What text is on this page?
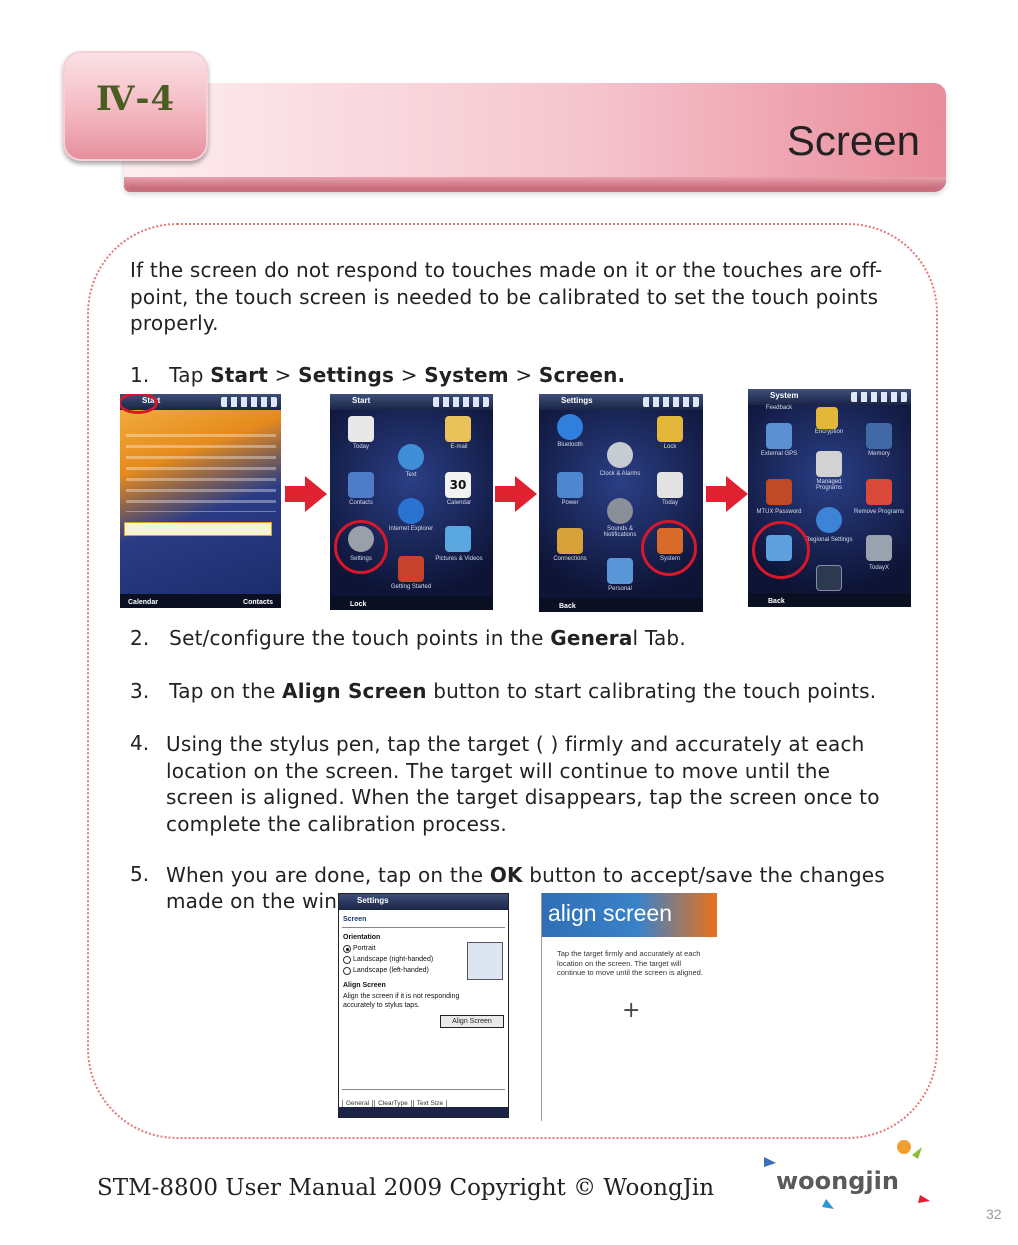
Screen
Ⅳ-4
If the screen do not respond to touches made on it or the touches are off-point, the touch screen is needed to be calibrated to set the touch points properly.
1. Tap Start > Settings > System > Screen.
Start
Calendar	Contacts
Start
30
Today	E-mail
Text
Contacts	Calendar
Internet Explorer
Settings	Pictures & Videos
Getting Started
Lock
Settings
Bluetooth	Lock
Clock & Alarms
Power	Today
Sounds & Notifications
Connections	System
Personal
Back
System
Feedback
Encryption
External GPS	Memory
Managed Programs
MTUX Password	Remove Programs
Regional Settings
TodayX
Back
2. Set/configure the touch points in the General Tab.
3. Tap on the Align Screen button to start calibrating the touch points.
4. Using the stylus pen, tap the target ( ) firmly and accurately at each location on the screen. The target will continue to move until the screen is aligned. When the target disappears, tap the screen once to complete the calibration process.
5. When you are done, tap on the OK button to accept/save the changes
made on the win Settings
Screen
Orientation
Portrait
Landscape (right-handed)
Landscape (left-handed)
Align Screen
Align the screen if it is not responding
accurately to stylus taps.
Align Screen
General ClearType Text Size
align screen
Tap the target firmly and accurately at each location on the screen. The target will continue to move until the screen is aligned.
+
STM-8800 User Manual 2009 Copyright © WoongJin	woongjin
32
